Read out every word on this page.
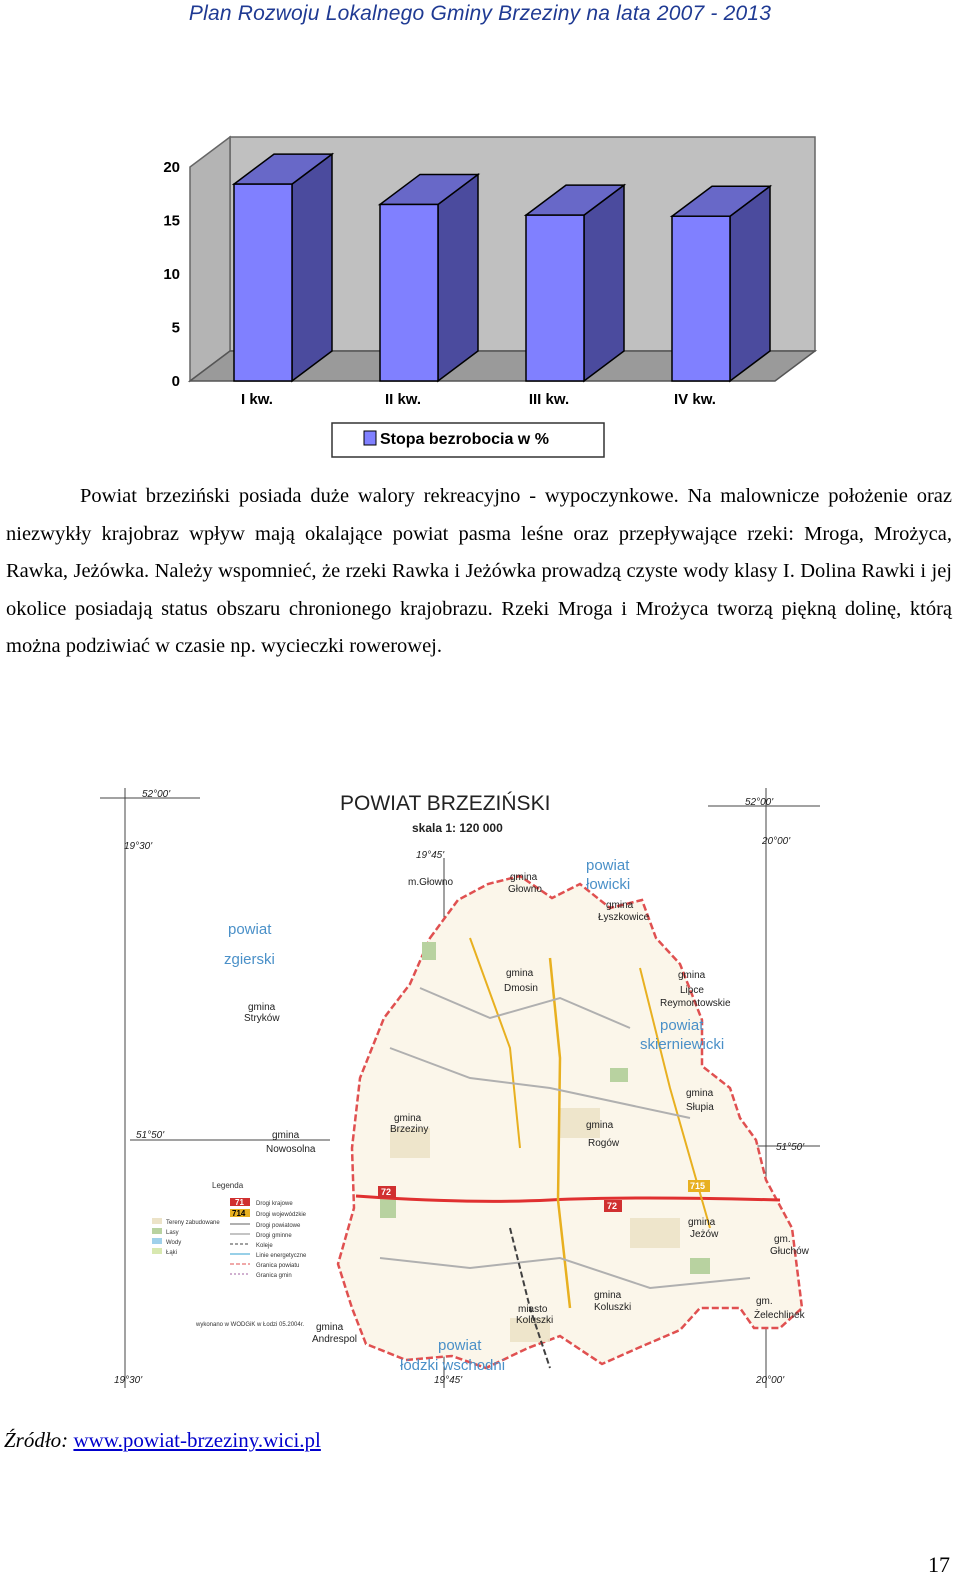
Plan Rozwoju Lokalnego Gminy Brzeziny na lata 2007 - 2013
0
5
10
15
20
I kw.	II kw.	III kw.	IV kw.
Stopa bezrobocia w %

Powiat brzeziński posiada duże walory rekreacyjno - wypoczynkowe. Na malownicze położenie oraz niezwykły krajobraz wpływ mają okalające powiat pasma leśne oraz przepływające rzeki: Mroga, Mrożyca, Rawka, Jeżówka. Należy wspomnieć, że rzeki Rawka i Jeżówka prowadzą czyste wody klasy I. Dolina Rawki i jej okolice posiadają status obszaru chronionego krajobrazu. Rzeki Mroga i Mrożyca tworzą piękną dolinę, którą można podziwiać w czasie np. wycieczki rowerowej.

52°00'
52°00'
19°30'
19°45'
20°00'
51°50'
51°50'
19°30'	19°45'	20°00'
72
72
715
POWIAT BRZEZIŃSKI
skala 1: 120 000
powiat
zgierski
powiat
łowicki
powiat
skierniewicki
powiat
łódzki wschodni
m.Głowno	gmina
Głowno
gmina
Łyszkowice
gmina
Stryków
gmina
Dmosin
gmina
Lipce
Reymontowskie
gmina
Brzeziny
gmina
Nowosolna
gmina
Rogów
gmina
Słupia
gmina
Jeżów	gm.
Głuchów
gm.
Żelechlinek
gmina
Koluszki
miasto
Koluszki
gmina
Andrespol
Legenda
Drogi krajowe
Drogi wojewódzkie
Drogi powiatowe
Drogi gminne
Koleje
Linie energetyczne
Granica powiatu
Granica gmin
Tereny zabudowane
Lasy
Wody
Łąki
71
714
wykonano w WODGiK w Łodzi 05.2004r.
Źródło: www.powiat-brzeziny.wici.pl
17
